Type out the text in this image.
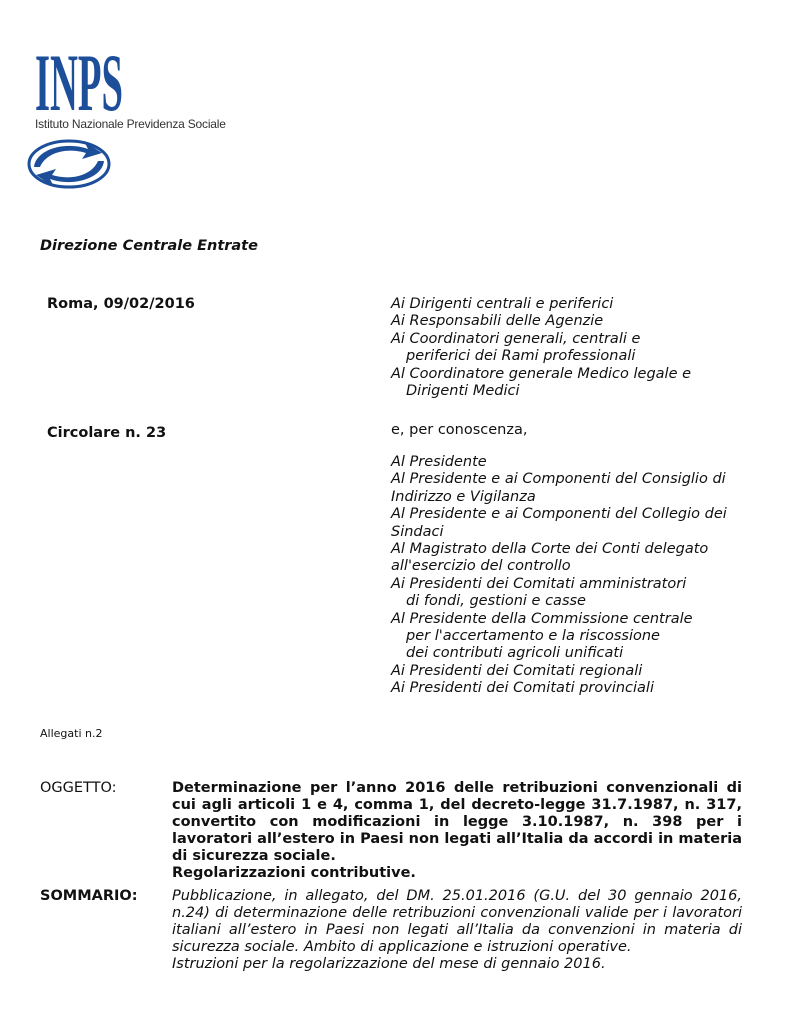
INPS
Istituto Nazionale Previdenza Sociale
Direzione Centrale Entrate
Roma, 09/02/2016
Circolare n. 23
Ai Dirigenti centrali e periferici
Ai Responsabili delle Agenzie
Ai Coordinatori generali, centrali e
periferici dei Rami professionali
Al Coordinatore generale Medico legale e
Dirigenti Medici
e, per conoscenza,
Al Presidente
Al Presidente e ai Componenti del Consiglio di
Indirizzo e Vigilanza
Al Presidente e ai Componenti del Collegio dei
Sindaci
Al Magistrato della Corte dei Conti delegato
all'esercizio del controllo
Ai Presidenti dei Comitati amministratori
di fondi, gestioni e casse
Al Presidente della Commissione centrale
per l'accertamento e la riscossione
dei contributi agricoli unificati
Ai Presidenti dei Comitati regionali
Ai Presidenti dei Comitati provinciali
Allegati n.2
OGGETTO:	Determinazione per l’anno 2016 delle retribuzioni convenzionali di cui agli articoli 1 e 4, comma 1, del decreto-legge 31.7.1987, n. 317, convertito con modificazioni in legge 3.10.1987, n. 398 per i lavoratori all’estero in Paesi non legati all’Italia da accordi in materia di sicurezza sociale.
Regolarizzazioni contributive.
SOMMARIO: Pubblicazione, in allegato, del DM. 25.01.2016 (G.U. del 30 gennaio 2016, n.24) di determinazione delle retribuzioni convenzionali valide per i lavoratori italiani all’estero in Paesi non legati all’Italia da convenzioni in materia di sicurezza sociale. Ambito di applicazione e istruzioni operative.
Istruzioni per la regolarizzazione del mese di gennaio 2016.
